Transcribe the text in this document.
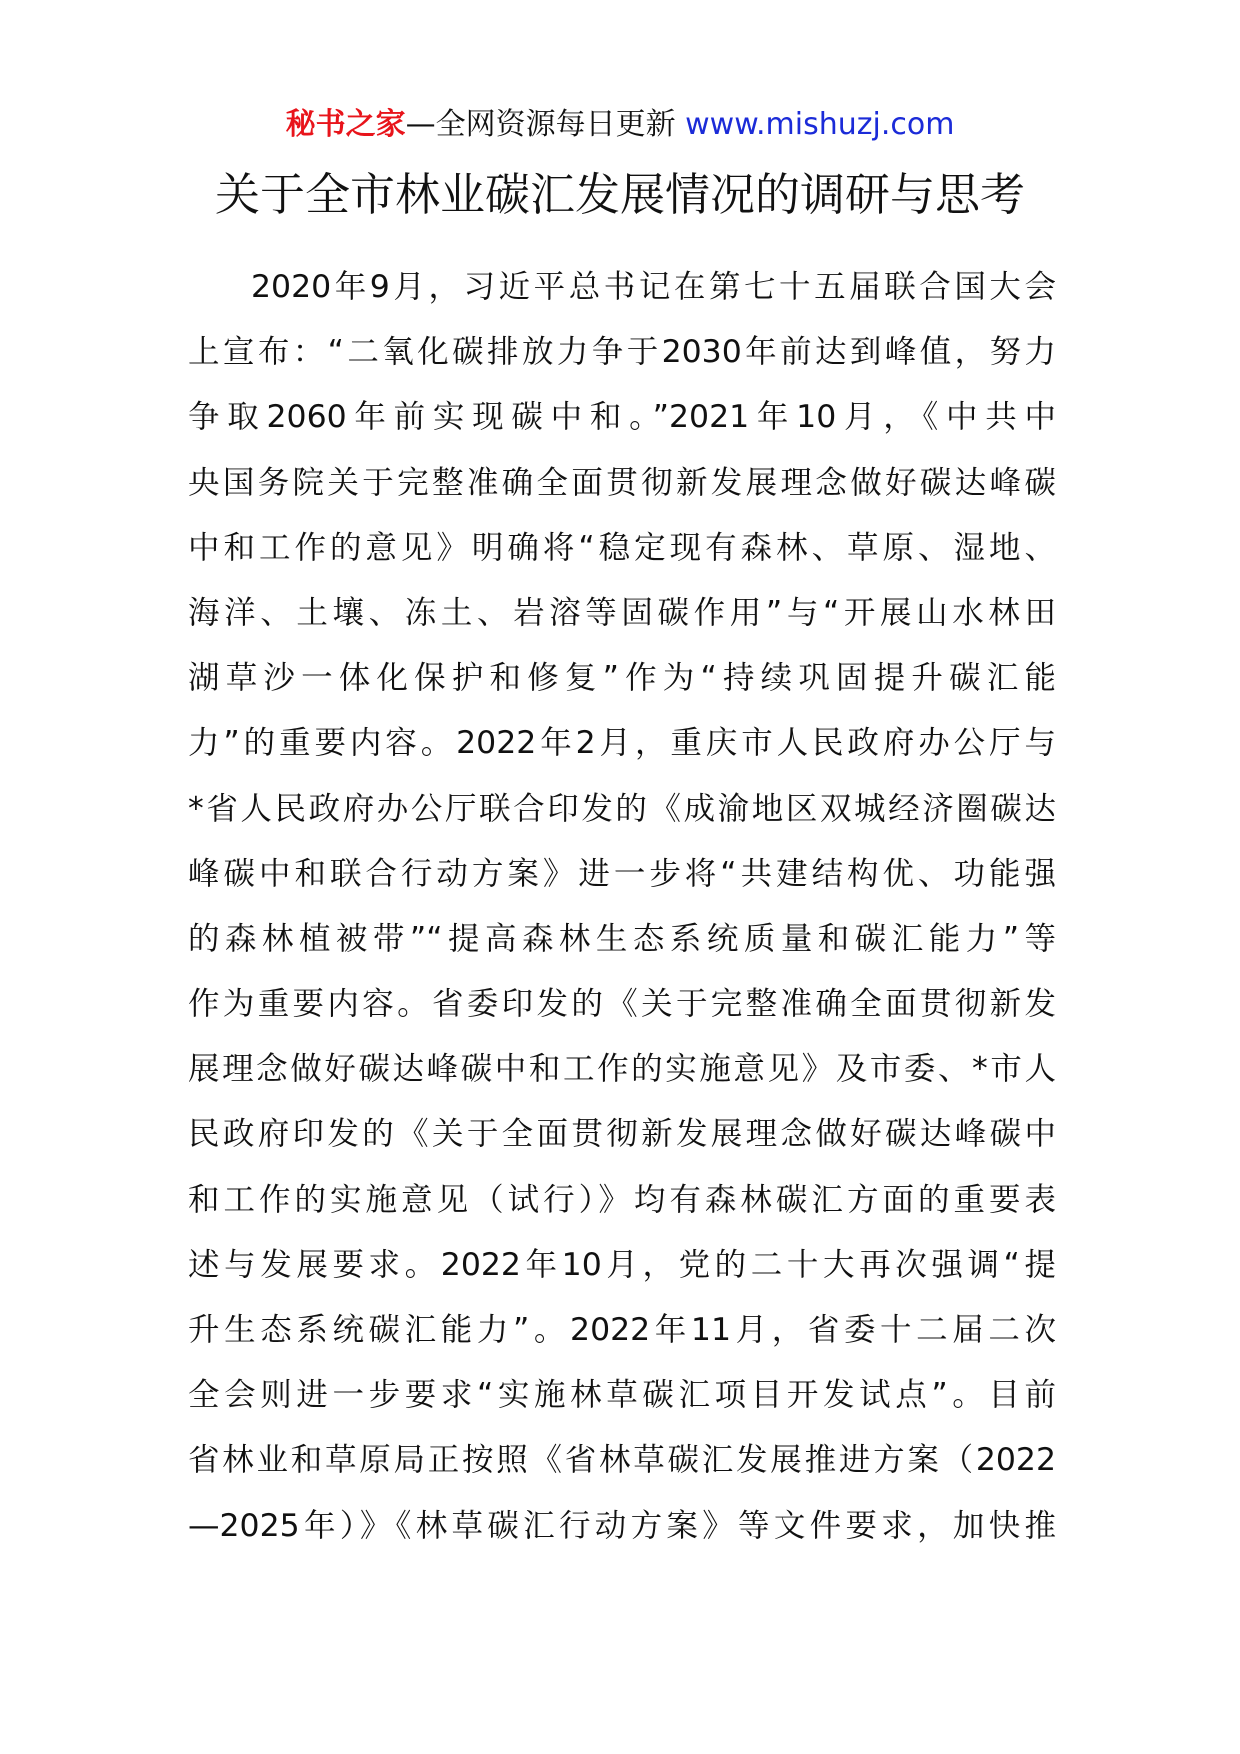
秘书之家—全网资源每日更新 www.mishuzj.com
关于全市林业碳汇发展情况的调研与思考
2020年9月，习近平总书记在第七十五届联合国大会
上宣布：“二氧化碳排放力争于2030年前达到峰值，努力
争取2060年前实现碳中和。”2021年10月，《中共中
央国务院关于完整准确全面贯彻新发展理念做好碳达峰碳
中和工作的意见》明确将“稳定现有森林、草原、湿地、
海洋、土壤、冻土、岩溶等固碳作用”与“开展山水林田
湖草沙一体化保护和修复”作为“持续巩固提升碳汇能
力”的重要内容。2022年2月，重庆市人民政府办公厅与
*省人民政府办公厅联合印发的《成渝地区双城经济圈碳达
峰碳中和联合行动方案》进一步将“共建结构优、功能强
的森林植被带”“提高森林生态系统质量和碳汇能力”等
作为重要内容。省委印发的《关于完整准确全面贯彻新发
展理念做好碳达峰碳中和工作的实施意见》及市委、*市人
民政府印发的《关于全面贯彻新发展理念做好碳达峰碳中
和工作的实施意见（试行）》均有森林碳汇方面的重要表
述与发展要求。2022年10月，党的二十大再次强调“提
升生态系统碳汇能力”。2022年11月，省委十二届二次
全会则进一步要求“实施林草碳汇项目开发试点”。目前
省林业和草原局正按照《省林草碳汇发展推进方案（2022
—2025年）》《林草碳汇行动方案》等文件要求，加快推
